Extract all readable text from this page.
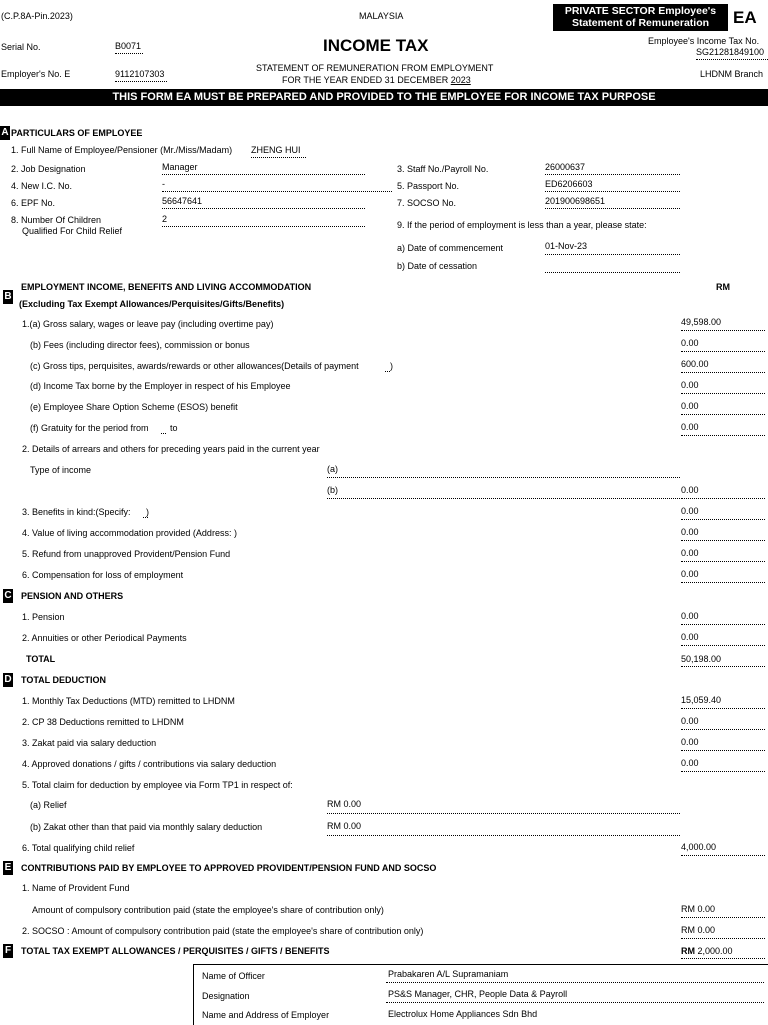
(C.P.8A-Pin.2023)	MALAYSIA	PRIVATE SECTOR Employee's
Statement of Remuneration	EA
Serial No.	B0071	INCOME TAX	Employee's Income Tax No.
SG21281849100
Employer's No. E	9112107303
STATEMENT OF REMUNERATION FROM EMPLOYMENT
FOR THE YEAR ENDED 31 DECEMBER 2023
LHDNM Branch
THIS FORM EA MUST BE PREPARED AND PROVIDED TO THE EMPLOYEE FOR INCOME TAX PURPOSE
A PARTICULARS OF EMPLOYEE
1. Full Name of Employee/Pensioner (Mr./Miss/Madam) ZHENG HUI
2. Job Designation	Manager	3. Staff No./Payroll No.	26000637
4. New I.C. No.	-	5. Passport No.	ED6206603
6. EPF No.	56647641	7. SOCSO No.	201900698651
8. Number Of Children
Qualified For Child Relief
2
9. If the period of employment is less than a year, please state:
a) Date of commencement	01-Nov-23
b) Date of cessation
B
EMPLOYMENT INCOME, BENEFITS AND LIVING ACCOMMODATION
(Excluding Tax Exempt Allowances/Perquisites/Gifts/Benefits)
RM
1.(a) Gross salary, wages or leave pay (including overtime pay)	49,598.00
(b) Fees (including director fees), commission or bonus	0.00
(c) Gross tips, perquisites, awards/rewards or other allowances(Details of payment	)	600.00
(d) Income Tax borne by the Employer in respect of his Employee	0.00
(e) Employee Share Option Scheme (ESOS) benefit	0.00
(f) Gratuity for the period from to	0.00
2. Details of arrears and others for preceding years paid in the current year
Type of income	(a)
(b)	0.00
3. Benefits in kind:(Specify: )	0.00
4. Value of living accommodation provided (Address: )	0.00
5. Refund from unapproved Provident/Pension Fund	0.00
6. Compensation for loss of employment	0.00
C PENSION AND OTHERS
1. Pension	0.00
2. Annuities or other Periodical Payments	0.00
TOTAL	50,198.00
D TOTAL DEDUCTION
1. Monthly Tax Deductions (MTD) remitted to LHDNM	15,059.40
2. CP 38 Deductions remitted to LHDNM	0.00
3. Zakat paid via salary deduction	0.00
4. Approved donations / gifts / contributions via salary deduction	0.00
5. Total claim for deduction by employee via Form TP1 in respect of:
(a) Relief	RM 0.00
(b) Zakat other than that paid via monthly salary deduction	RM 0.00
6. Total qualifying child relief	4,000.00
E CONTRIBUTIONS PAID BY EMPLOYEE TO APPROVED PROVIDENT/PENSION FUND AND SOCSO
1. Name of Provident Fund
Amount of compulsory contribution paid (state the employee's share of contribution only)	RM 0.00
2. SOCSO : Amount of compulsory contribution paid (state the employee's share of contribution only)	RM 0.00
F TOTAL TAX EXEMPT ALLOWANCES / PERQUISITES / GIFTS / BENEFITS	RM 2,000.00
Name of Officer	Prabakaren A/L Supramaniam
Designation	PS&S Manager, CHR, People Data & Payroll
Name and Address of Employer	Electrolux Home Appliances Sdn Bhd
